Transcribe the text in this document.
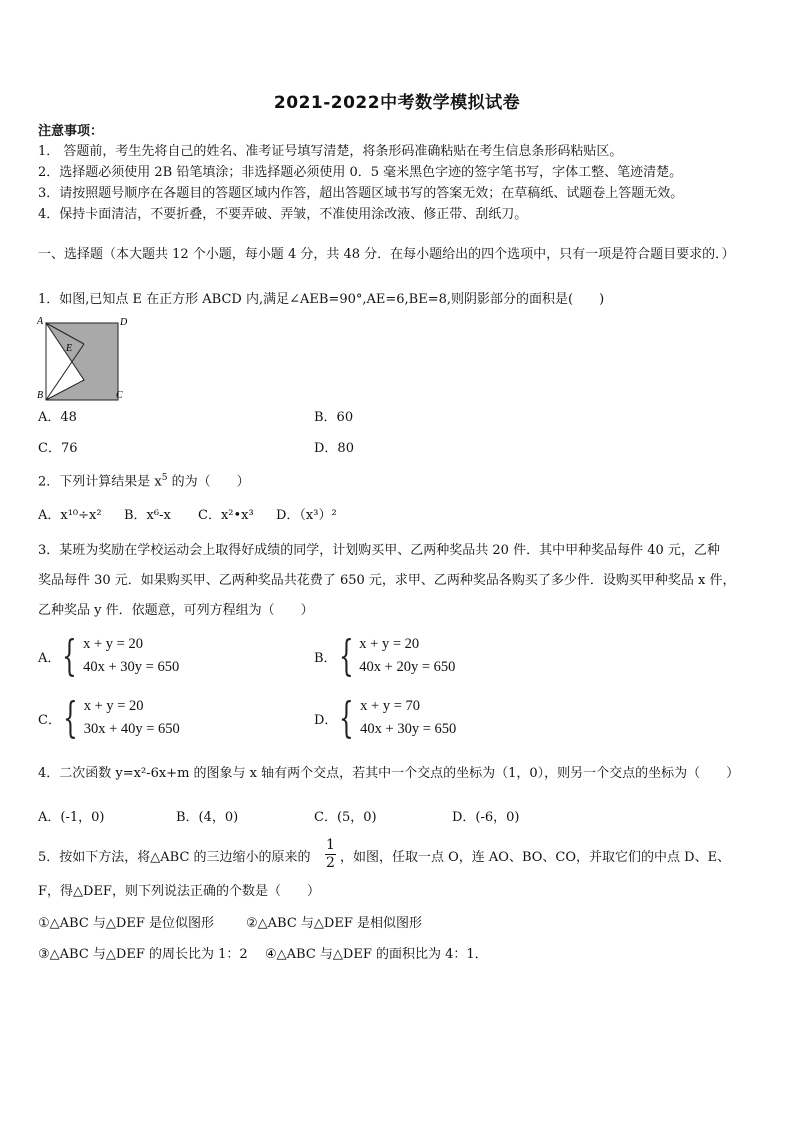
2021-2022中考数学模拟试卷
注意事项：
1． 答题前，考生先将自己的姓名、准考证号填写清楚，将条形码准确粘贴在考生信息条形码粘贴区。
2．选择题必须使用 2B 铅笔填涂；非选择题必须使用 0．5 毫米黑色字迹的签字笔书写，字体工整、笔迹清楚。
3．请按照题号顺序在各题目的答题区域内作答，超出答题区域书写的答案无效；在草稿纸、试题卷上答题无效。
4．保持卡面清洁，不要折叠，不要弄破、弄皱，不准使用涂改液、修正带、刮纸刀。
一、选择题（本大题共 12 个小题，每小题 4 分，共 48 分．在每小题给出的四个选项中，只有一项是符合题目要求的．）
1．如图,已知点 E 在正方形 ABCD 内,满足∠AEB=90°,AE=6,BE=8,则阴影部分的面积是(　　)
A	D
E
B	C
A．48	B．60
C．76	D．80
2．下列计算结果是 $x^5$ 的为（　　）
A．x¹⁰÷x² B．x⁶-x C．x²•x³ D．（x³）²
3．某班为奖励在学校运动会上取得好成绩的同学，计划购买甲、乙两种奖品共 20 件．其中甲种奖品每件 40 元，乙种
奖品每件 30 元．如果购买甲、乙两种奖品共花费了 650 元，求甲、乙两种奖品各购买了多少件．设购买甲种奖品 x 件，
乙种奖品 y 件．依题意，可列方程组为（　　）
A． { x + y = 20
40x + 30y = 650
B． { x + y = 20
40x + 20y = 650
C． { x + y = 20
30x + 40y = 650
D． { x + y = 70
40x + 30y = 650
4．二次函数 y=x²-6x+m 的图象与 x 轴有两个交点，若其中一个交点的坐标为（1，0），则另一个交点的坐标为（　　）
A．(-1，0)	B．(4，0)	C．(5，0)	D．(-6，0)
5．按如下方法，将△ABC 的三边缩小的原来的
1
2 ，如图，任取一点 O，连 AO、BO、CO，并取它们的中点 D、E、
F，得△DEF，则下列说法正确的个数是（　　）
①△ABC 与△DEF 是位似图形 ②△ABC 与△DEF 是相似图形
③△ABC 与△DEF 的周长比为 1：2 ④△ABC 与△DEF 的面积比为 4：1．
